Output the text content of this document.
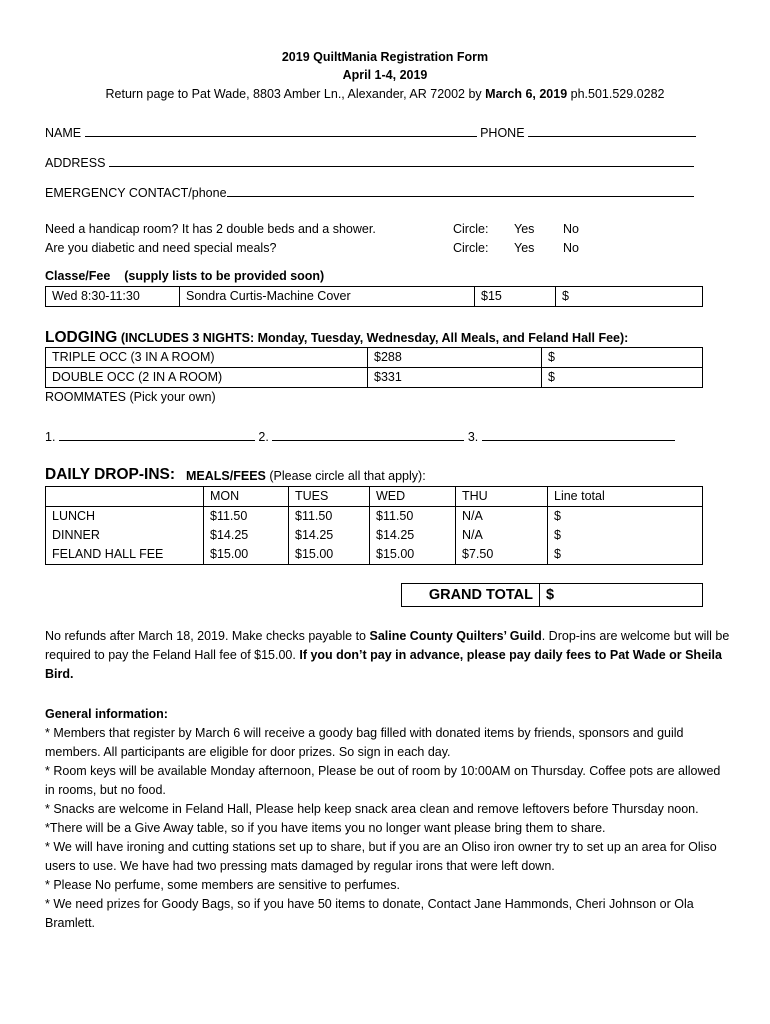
2019 QuiltMania Registration Form
April 1-4, 2019
Return page to Pat Wade, 8803 Amber Ln., Alexander, AR 72002 by March 6, 2019 ph.501.529.0282
NAME	PHONE
ADDRESS
EMERGENCY CONTACT/phone
Need a handicap room? It has 2 double beds and a shower.	Circle: Yes No
Are you diabetic and need special meals?	Circle: Yes No
Classe/Fee    (supply lists to be provided soon)
Wed 8:30-11:30	Sondra Curtis-Machine Cover	$15	$
LODGING (INCLUDES 3 NIGHTS: Monday, Tuesday, Wednesday, All Meals, and Feland Hall Fee):
TRIPLE OCC (3 IN A ROOM)	$288	$
DOUBLE OCC (2 IN A ROOM)	$331	$
ROOMMATES (Pick your own)
1.	2.	3.
DAILY DROP-INS: MEALS/FEES (Please circle all that apply):
	MON	TUES	WED	THU	Line total
LUNCH	$11.50	$11.50	$11.50	N/A	$
DINNER	$14.25	$14.25	$14.25	N/A	$
FELAND HALL FEE	$15.00	$15.00	$15.00	$7.50	$
GRAND TOTAL	$

No refunds after March 18, 2019. Make checks payable to Saline County Quilters’ Guild. Drop-ins are welcome but will be required to pay the Feland Hall fee of $15.00. If you don’t pay in advance, please pay daily fees to Pat Wade or Sheila Bird.

General information:

* Members that register by March 6 will receive a goody bag filled with donated items by friends, sponsors and guild members. All participants are eligible for door prizes. So sign in each day.

* Room keys will be available Monday afternoon, Please be out of room by 10:00AM on Thursday. Coffee pots are allowed in rooms, but no food.

* Snacks are welcome in Feland Hall, Please help keep snack area clean and remove leftovers before Thursday noon.

*There will be a Give Away table, so if you have items you no longer want please bring them to share.

* We will have ironing and cutting stations set up to share, but if you are an Oliso iron owner try to set up an area for Oliso users to use. We have had two pressing mats damaged by regular irons that were left down.

* Please No perfume, some members are sensitive to perfumes.

* We need prizes for Goody Bags, so if you have 50 items to donate, Contact Jane Hammonds, Cheri Johnson or Ola Bramlett.
